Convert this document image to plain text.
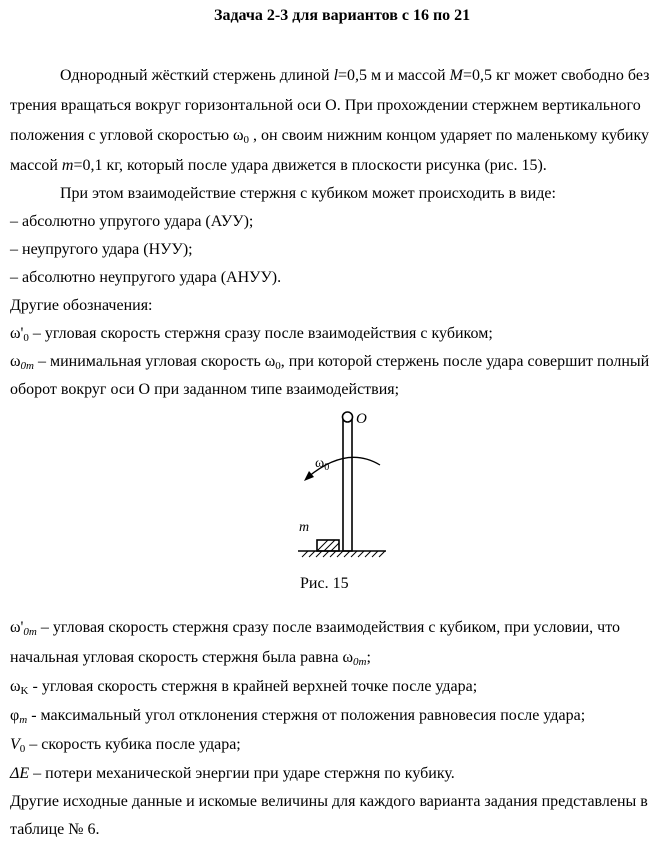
Задача 2-3 для вариантов с 16 по 21
Однородный жёсткий стержень длиной l=0,5 м и массой M=0,5 кг может свободно без
трения вращаться вокруг горизонтальной оси О. При прохождении стержнем вертикального
положения с угловой скоростью $\omega_0$ , он своим нижним концом ударяет по маленькому кубику
массой m=0,1 кг, который после удара движется в плоскости рисунка (рис. 15).
При этом взаимодействие стержня с кубиком может происходить в виде:
– абсолютно упругого удара (АУУ);
– неупругого удара (НУУ);
– абсолютно неупругого удара (АНУУ).
Другие обозначения:
$\omega'_0$ – угловая скорость стержня сразу после взаимодействия с кубиком;
$\omega_{0m}$ – минимальная угловая скорость $\omega_0$, при которой стержень после удара совершит полный
оборот вокруг оси О при заданном типе взаимодействия;
O
$\omega_0$
m
Рис. 15
$\omega'_{0m}$ – угловая скорость стержня сразу после взаимодействия с кубиком, при условии, что
начальная угловая скорость стержня была равна $\omega_{0m}$;
$\omega_K$ - угловая скорость стержня в крайней верхней точке после удара;
$\varphi_m$ - максимальный угол отклонения стержня от положения равновесия после удара;
$V_0$ – скорость кубика после удара;
ΔE – потери механической энергии при ударе стержня по кубику.
Другие исходные данные и искомые величины для каждого варианта задания представлены в
таблице № 6.
